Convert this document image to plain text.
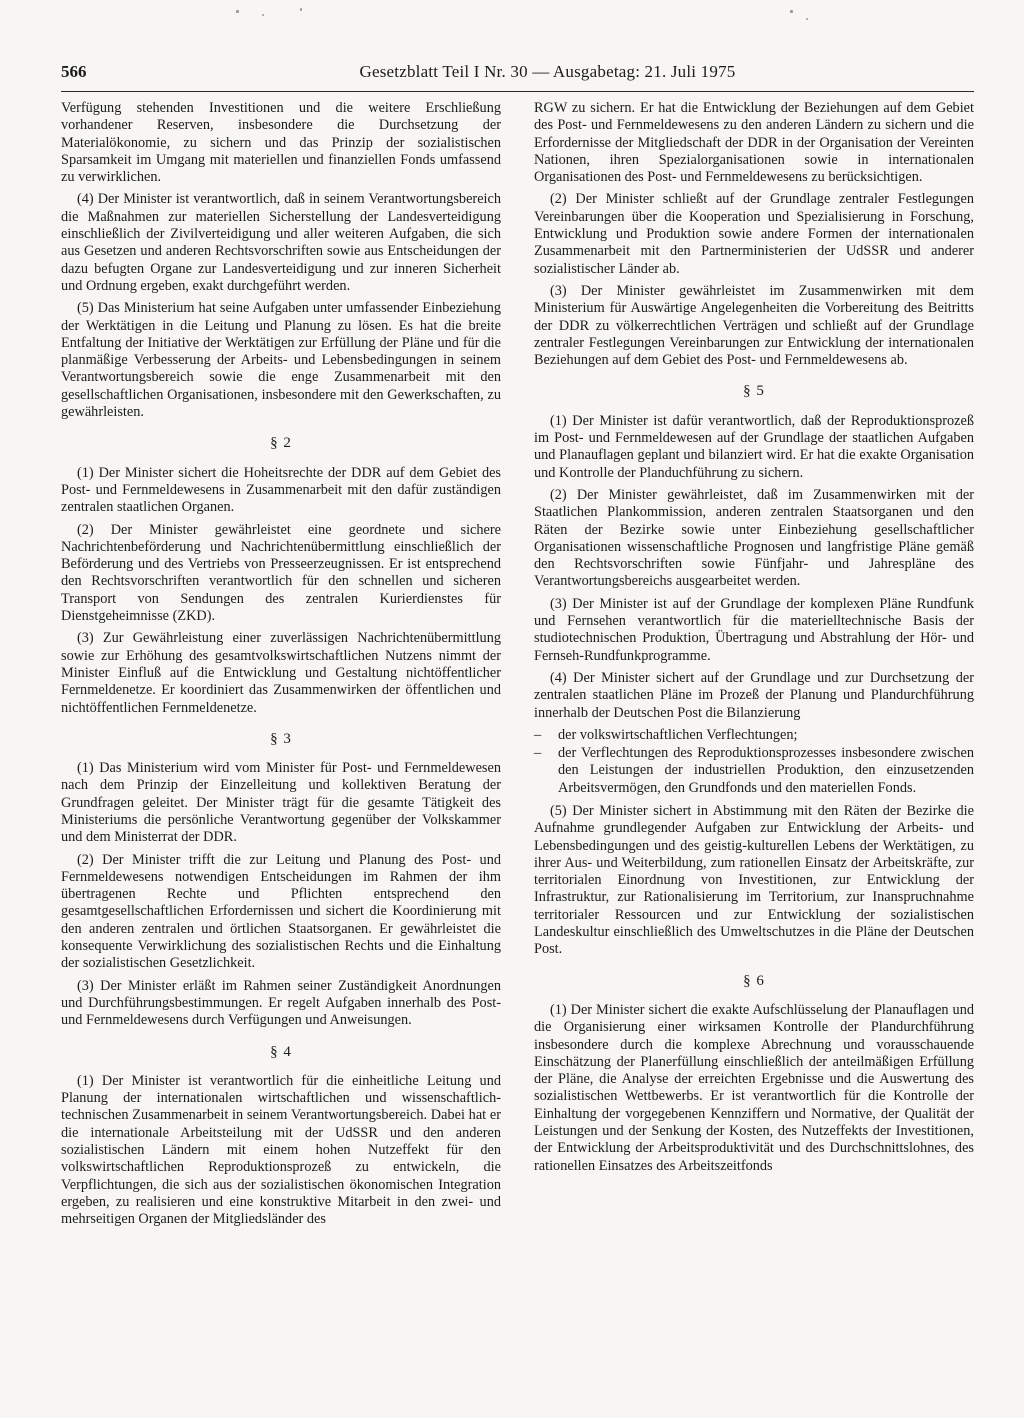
566	Gesetzblatt Teil I Nr. 30 — Ausgabetag: 21. Juli 1975

Verfügung stehenden Investitionen und die weitere Erschließung vorhandener Reserven, insbesondere die Durchsetzung der Materialökonomie, zu sichern und das Prinzip der sozialistischen Sparsamkeit im Umgang mit materiellen und finanziellen Fonds umfassend zu verwirklichen.

(4) Der Minister ist verantwortlich, daß in seinem Verantwortungsbereich die Maßnahmen zur materiellen Sicherstellung der Landesverteidigung einschließlich der Zivilverteidigung und aller weiteren Aufgaben, die sich aus Gesetzen und anderen Rechtsvorschriften sowie aus Entscheidungen der dazu befugten Organe zur Landesverteidigung und zur inneren Sicherheit und Ordnung ergeben, exakt durchgeführt werden.

(5) Das Ministerium hat seine Aufgaben unter umfassender Einbeziehung der Werktätigen in die Leitung und Planung zu lösen. Es hat die breite Entfaltung der Initiative der Werktätigen zur Erfüllung der Pläne und für die planmäßige Verbesserung der Arbeits- und Lebensbedingungen in seinem Verantwortungsbereich sowie die enge Zusammenarbeit mit den gesellschaftlichen Organisationen, insbesondere mit den Gewerkschaften, zu gewährleisten.

§ 2

(1) Der Minister sichert die Hoheitsrechte der DDR auf dem Gebiet des Post- und Fernmeldewesens in Zusammenarbeit mit den dafür zuständigen zentralen staatlichen Organen.

(2) Der Minister gewährleistet eine geordnete und sichere Nachrichtenbeförderung und Nachrichtenübermittlung einschließlich der Beförderung und des Vertriebs von Presseerzeugnissen. Er ist entsprechend den Rechtsvorschriften verantwortlich für den schnellen und sicheren Transport von Sendungen des zentralen Kurierdienstes für Dienstgeheimnisse (ZKD).

(3) Zur Gewährleistung einer zuverlässigen Nachrichtenübermittlung sowie zur Erhöhung des gesamtvolkswirtschaftlichen Nutzens nimmt der Minister Einfluß auf die Entwicklung und Gestaltung nichtöffentlicher Fernmeldenetze. Er koordiniert das Zusammenwirken der öffentlichen und nichtöffentlichen Fernmeldenetze.

§ 3

(1) Das Ministerium wird vom Minister für Post- und Fernmeldewesen nach dem Prinzip der Einzelleitung und kollektiven Beratung der Grundfragen geleitet. Der Minister trägt für die gesamte Tätigkeit des Ministeriums die persönliche Verantwortung gegenüber der Volkskammer und dem Ministerrat der DDR.

(2) Der Minister trifft die zur Leitung und Planung des Post- und Fernmeldewesens notwendigen Entscheidungen im Rahmen der ihm übertragenen Rechte und Pflichten entsprechend den gesamtgesellschaftlichen Erfordernissen und sichert die Koordinierung mit den anderen zentralen und örtlichen Staatsorganen. Er gewährleistet die konsequente Verwirklichung des sozialistischen Rechts und die Einhaltung der sozialistischen Gesetzlichkeit.

(3) Der Minister erläßt im Rahmen seiner Zuständigkeit Anordnungen und Durchführungsbestimmungen. Er regelt Aufgaben innerhalb des Post- und Fernmeldewesens durch Verfügungen und Anweisungen.

§ 4

(1) Der Minister ist verantwortlich für die einheitliche Leitung und Planung der internationalen wirtschaftlichen und wissenschaftlich-technischen Zusammenarbeit in seinem Verantwortungsbereich. Dabei hat er die internationale Arbeitsteilung mit der UdSSR und den anderen sozialistischen Ländern mit einem hohen Nutzeffekt für den volkswirtschaftlichen Reproduktionsprozeß zu entwickeln, die Verpflichtungen, die sich aus der sozialistischen ökonomischen Integration ergeben, zu realisieren und eine konstruktive Mitarbeit in den zwei- und mehrseitigen Organen der Mitgliedsländer des

RGW zu sichern. Er hat die Entwicklung der Beziehungen auf dem Gebiet des Post- und Fernmeldewesens zu den anderen Ländern zu sichern und die Erfordernisse der Mitgliedschaft der DDR in der Organisation der Vereinten Nationen, ihren Spezialorganisationen sowie in internationalen Organisationen des Post- und Fernmeldewesens zu berücksichtigen.

(2) Der Minister schließt auf der Grundlage zentraler Festlegungen Vereinbarungen über die Kooperation und Spezialisierung in Forschung, Entwicklung und Produktion sowie andere Formen der internationalen Zusammenarbeit mit den Partnerministerien der UdSSR und anderer sozialistischer Länder ab.

(3) Der Minister gewährleistet im Zusammenwirken mit dem Ministerium für Auswärtige Angelegenheiten die Vorbereitung des Beitritts der DDR zu völkerrechtlichen Verträgen und schließt auf der Grundlage zentraler Festlegungen Vereinbarungen zur Entwicklung der internationalen Beziehungen auf dem Gebiet des Post- und Fernmeldewesens ab.

§ 5

(1) Der Minister ist dafür verantwortlich, daß der Reproduktionsprozeß im Post- und Fernmeldewesen auf der Grundlage der staatlichen Aufgaben und Planauflagen geplant und bilanziert wird. Er hat die exakte Organisation und Kontrolle der Planduchführung zu sichern.

(2) Der Minister gewährleistet, daß im Zusammenwirken mit der Staatlichen Plankommission, anderen zentralen Staatsorganen und den Räten der Bezirke sowie unter Einbeziehung gesellschaftlicher Organisationen wissenschaftliche Prognosen und langfristige Pläne gemäß den Rechtsvorschriften sowie Fünfjahr- und Jahrespläne des Verantwortungsbereichs ausgearbeitet werden.

(3) Der Minister ist auf der Grundlage der komplexen Pläne Rundfunk und Fernsehen verantwortlich für die materielltechnische Basis der studiotechnischen Produktion, Übertragung und Abstrahlung der Hör- und Fernseh-Rundfunkprogramme.

(4) Der Minister sichert auf der Grundlage und zur Durchsetzung der zentralen staatlichen Pläne im Prozeß der Planung und Plandurchführung innerhalb der Deutschen Post die Bilanzierung

– der volkswirtschaftlichen Verflechtungen;
– der Verflechtungen des Reproduktionsprozesses insbesondere zwischen den Leistungen der industriellen Produktion, den einzusetzenden Arbeitsvermögen, den Grundfonds und den materiellen Fonds.

(5) Der Minister sichert in Abstimmung mit den Räten der Bezirke die Aufnahme grundlegender Aufgaben zur Entwicklung der Arbeits- und Lebensbedingungen und des geistig-kulturellen Lebens der Werktätigen, zu ihrer Aus- und Weiterbildung, zum rationellen Einsatz der Arbeitskräfte, zur territorialen Einordnung von Investitionen, zur Entwicklung der Infrastruktur, zur Rationalisierung im Territorium, zur Inanspruchnahme territorialer Ressourcen und zur Entwicklung der sozialistischen Landeskultur einschließlich des Umweltschutzes in die Pläne der Deutschen Post.

§ 6

(1) Der Minister sichert die exakte Aufschlüsselung der Planauflagen und die Organisierung einer wirksamen Kontrolle der Plandurchführung insbesondere durch die komplexe Abrechnung und vorausschauende Einschätzung der Planerfüllung einschließlich der anteilmäßigen Erfüllung der Pläne, die Analyse der erreichten Ergebnisse und die Auswertung des sozialistischen Wettbewerbs. Er ist verantwortlich für die Kontrolle der Einhaltung der vorgegebenen Kennziffern und Normative, der Qualität der Leistungen und der Senkung der Kosten, des Nutzeffekts der Investitionen, der Entwicklung der Arbeitsproduktivität und des Durchschnittslohnes, des rationellen Einsatzes des Arbeitszeitfonds
